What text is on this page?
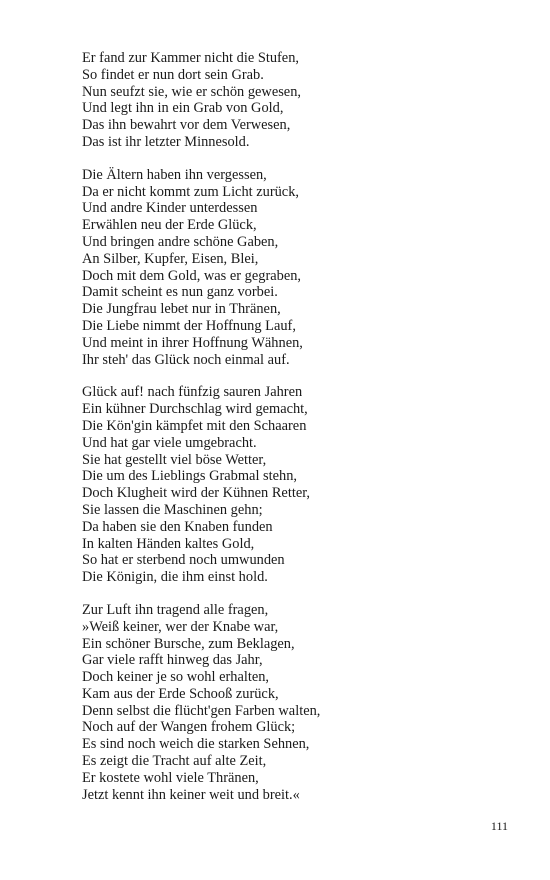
Er fand zur Kammer nicht die Stufen,
So findet er nun dort sein Grab.
Nun seufzt sie, wie er schön gewesen,
Und legt ihn in ein Grab von Gold,
Das ihn bewahrt vor dem Verwesen,
Das ist ihr letzter Minnesold.
Die Ältern haben ihn vergessen,
Da er nicht kommt zum Licht zurück,
Und andre Kinder unterdessen
Erwählen neu der Erde Glück,
Und bringen andre schöne Gaben,
An Silber, Kupfer, Eisen, Blei,
Doch mit dem Gold, was er gegraben,
Damit scheint es nun ganz vorbei.
Die Jungfrau lebet nur in Thränen,
Die Liebe nimmt der Hoffnung Lauf,
Und meint in ihrer Hoffnung Wähnen,
Ihr steh' das Glück noch einmal auf.
Glück auf! nach fünfzig sauren Jahren
Ein kühner Durchschlag wird gemacht,
Die Kön'gin kämpfet mit den Schaaren
Und hat gar viele umgebracht.
Sie hat gestellt viel böse Wetter,
Die um des Lieblings Grabmal stehn,
Doch Klugheit wird der Kühnen Retter,
Sie lassen die Maschinen gehn;
Da haben sie den Knaben funden
In kalten Händen kaltes Gold,
So hat er sterbend noch umwunden
Die Königin, die ihm einst hold.
Zur Luft ihn tragend alle fragen,
»Weiß keiner, wer der Knabe war,
Ein schöner Bursche, zum Beklagen,
Gar viele rafft hinweg das Jahr,
Doch keiner je so wohl erhalten,
Kam aus der Erde Schooß zurück,
Denn selbst die flücht'gen Farben walten,
Noch auf der Wangen frohem Glück;
Es sind noch weich die starken Sehnen,
Es zeigt die Tracht auf alte Zeit,
Er kostete wohl viele Thränen,
Jetzt kennt ihn keiner weit und breit.«
111
